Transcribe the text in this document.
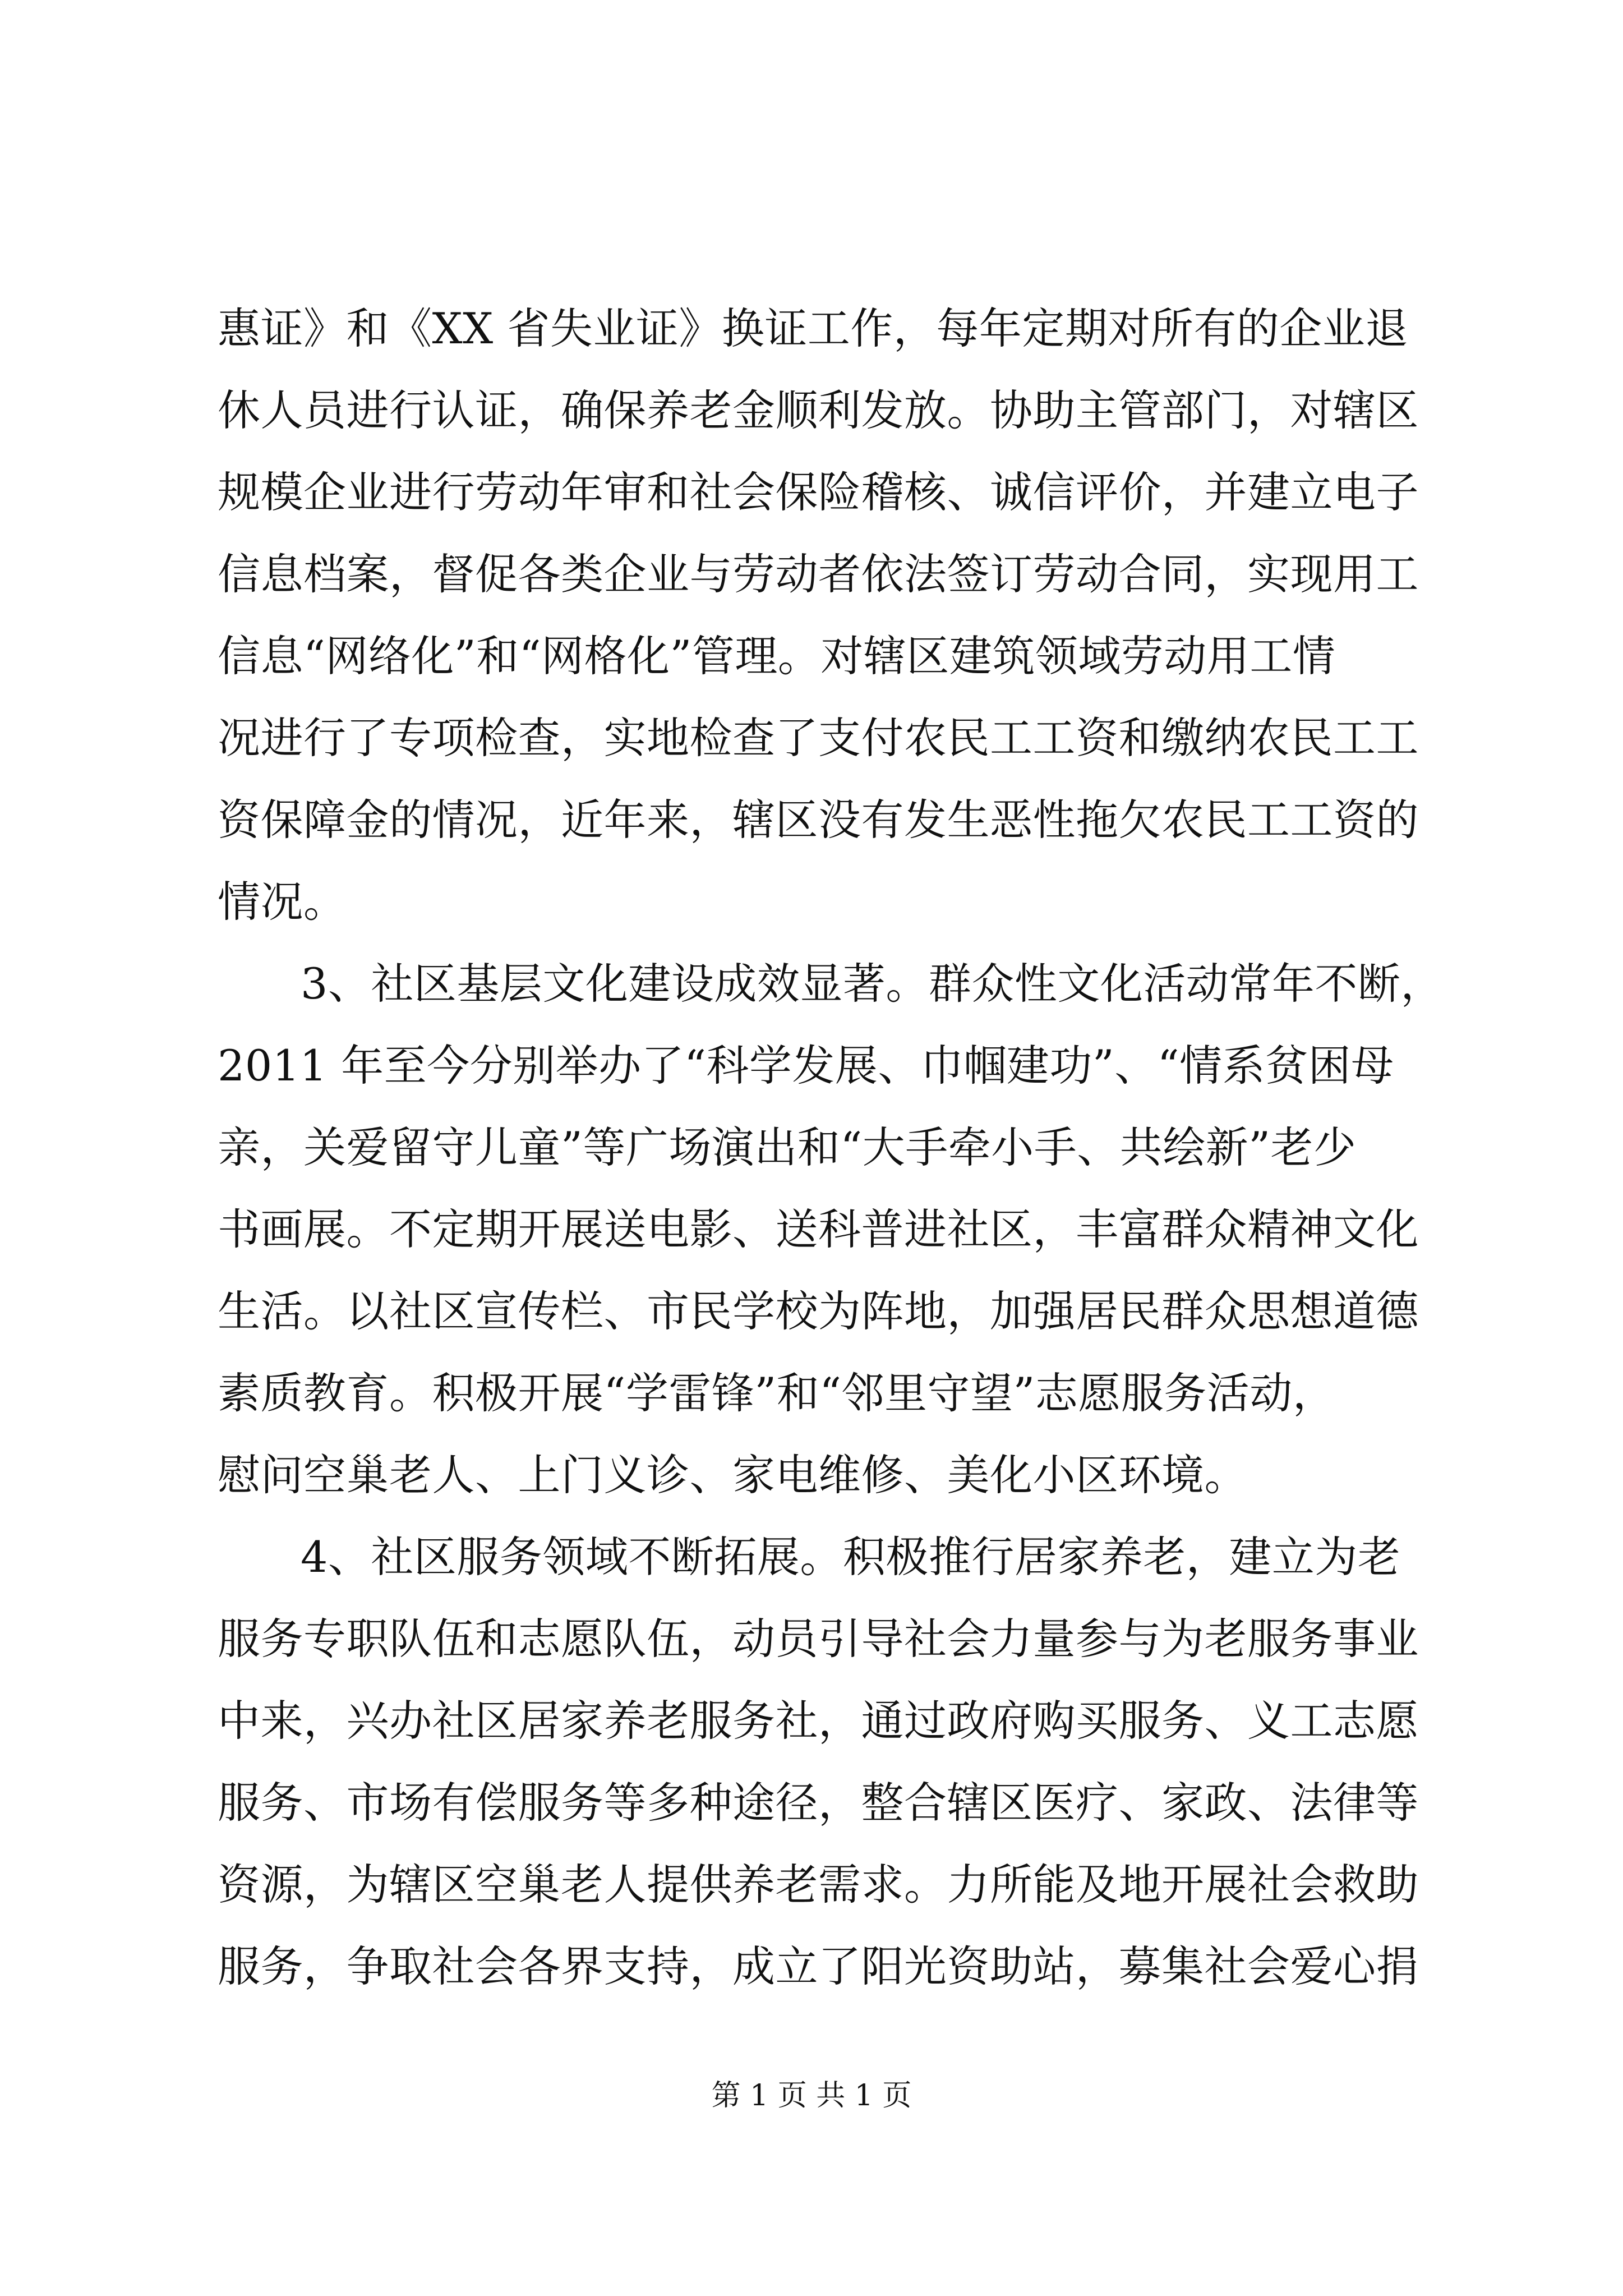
惠证》和《XX 省失业证》换证工作，每年定期对所有的企业退
休人员进行认证，确保养老金顺利发放。协助主管部门，对辖区
规模企业进行劳动年审和社会保险稽核、诚信评价，并建立电子
信息档案，督促各类企业与劳动者依法签订劳动合同，实现用工
信息“网络化”和“网格化”管理。对辖区建筑领域劳动用工情
况进行了专项检查，实地检查了支付农民工工资和缴纳农民工工
资保障金的情况，近年来，辖区没有发生恶性拖欠农民工工资的
情况。
3、社区基层文化建设成效显著。群众性文化活动常年不断，
2011 年至今分别举办了“科学发展、巾帼建功”、“情系贫困母
亲，关爱留守儿童”等广场演出和“大手牵小手、共绘新”老少
书画展。不定期开展送电影、送科普进社区，丰富群众精神文化
生活。以社区宣传栏、市民学校为阵地，加强居民群众思想道德
素质教育。积极开展“学雷锋”和“邻里守望”志愿服务活动，
慰问空巢老人、上门义诊、家电维修、美化小区环境。
4、社区服务领域不断拓展。积极推行居家养老，建立为老
服务专职队伍和志愿队伍，动员引导社会力量参与为老服务事业
中来，兴办社区居家养老服务社，通过政府购买服务、义工志愿
服务、市场有偿服务等多种途径，整合辖区医疗、家政、法律等
资源，为辖区空巢老人提供养老需求。力所能及地开展社会救助
服务，争取社会各界支持，成立了阳光资助站，募集社会爱心捐
第 1 页 共 1 页
